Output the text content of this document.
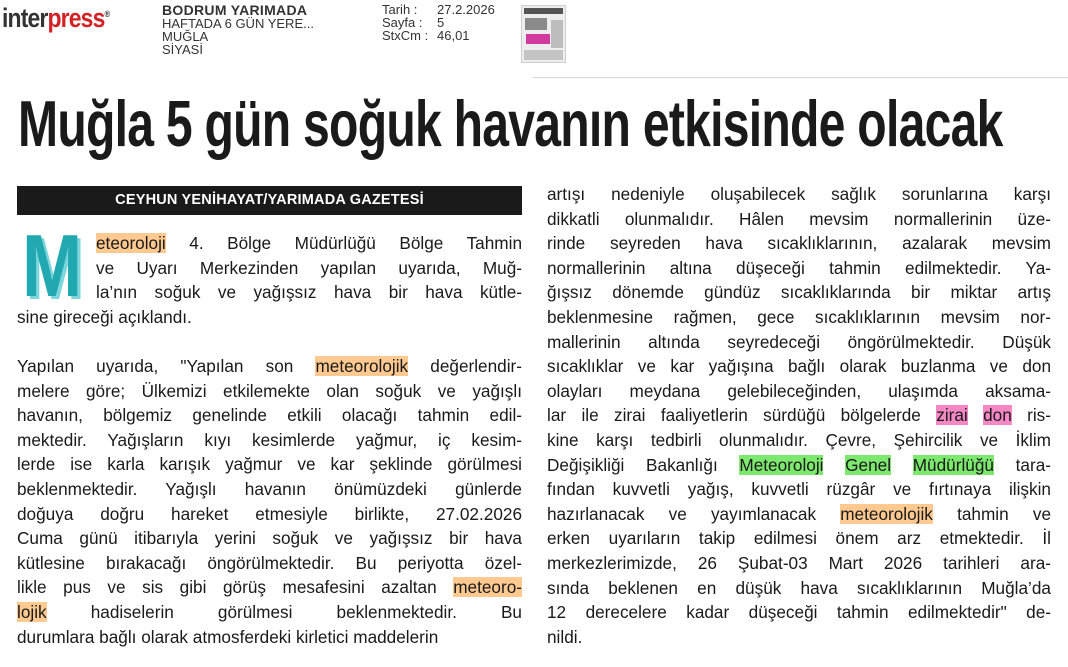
interpress®	BODRUM YARIMADA
HAFTADA 6 GÜN YERE...
MUĞLA
SİYASİ
Tarih :	27.2.2026
Sayfa :	5
StxCm : 46,01
Muğla 5 gün soğuk havanın etkisinde olacak
CEYHUN YENİHAYAT/YARIMADA GAZETESİ
M eteoroloji 4. Bölge Müdürlüğü Bölge Tahmin
ve Uyarı Merkezinden yapılan uyarıda, Muğ-
la’nın soğuk ve yağışsız hava bir hava kütle-
sine gireceği açıklandı.
Yapılan uyarıda, "Yapılan son meteorolojik değerlendir-
melere göre; Ülkemizi etkilemekte olan soğuk ve yağışlı
havanın, bölgemiz genelinde etkili olacağı tahmin edil-
mektedir. Yağışların kıyı kesimlerde yağmur, iç kesim-
lerde ise karla karışık yağmur ve kar şeklinde görülmesi
beklenmektedir. Yağışlı havanın önümüzdeki günlerde
doğuya doğru hareket etmesiyle birlikte, 27.02.2026
Cuma günü itibarıyla yerini soğuk ve yağışsız bir hava
kütlesine bırakacağı öngörülmektedir. Bu periyotta özel-
likle pus ve sis gibi görüş mesafesini azaltan meteoro-
lojik hadiselerin görülmesi beklenmektedir. Bu
durumlara bağlı olarak atmosferdeki kirletici maddelerin
artışı nedeniyle oluşabilecek sağlık sorunlarına karşı
dikkatli olunmalıdır. Hâlen mevsim normallerinin üze-
rinde seyreden hava sıcaklıklarının, azalarak mevsim
normallerinin altına düşeceği tahmin edilmektedir. Ya-
ğışsız dönemde gündüz sıcaklıklarında bir miktar artış
beklenmesine rağmen, gece sıcaklıklarının mevsim nor-
mallerinin altında seyredeceği öngörülmektedir. Düşük
sıcaklıklar ve kar yağışına bağlı olarak buzlanma ve don
olayları meydana gelebileceğinden, ulaşımda aksama-
lar ile zirai faaliyetlerin sürdüğü bölgelerde zirai don ris-
kine karşı tedbirli olunmalıdır. Çevre, Şehircilik ve İklim
Değişikliği Bakanlığı Meteoroloji Genel Müdürlüğü tara-
fından kuvvetli yağış, kuvvetli rüzgâr ve fırtınaya ilişkin
hazırlanacak ve yayımlanacak meteorolojik tahmin ve
erken uyarıların takip edilmesi önem arz etmektedir. İl
merkezlerimizde, 26 Şubat-03 Mart 2026 tarihleri ara-
sında beklenen en düşük hava sıcaklıklarının Muğla’da
12 derecelere kadar düşeceği tahmin edilmektedir" de-
nildi.
